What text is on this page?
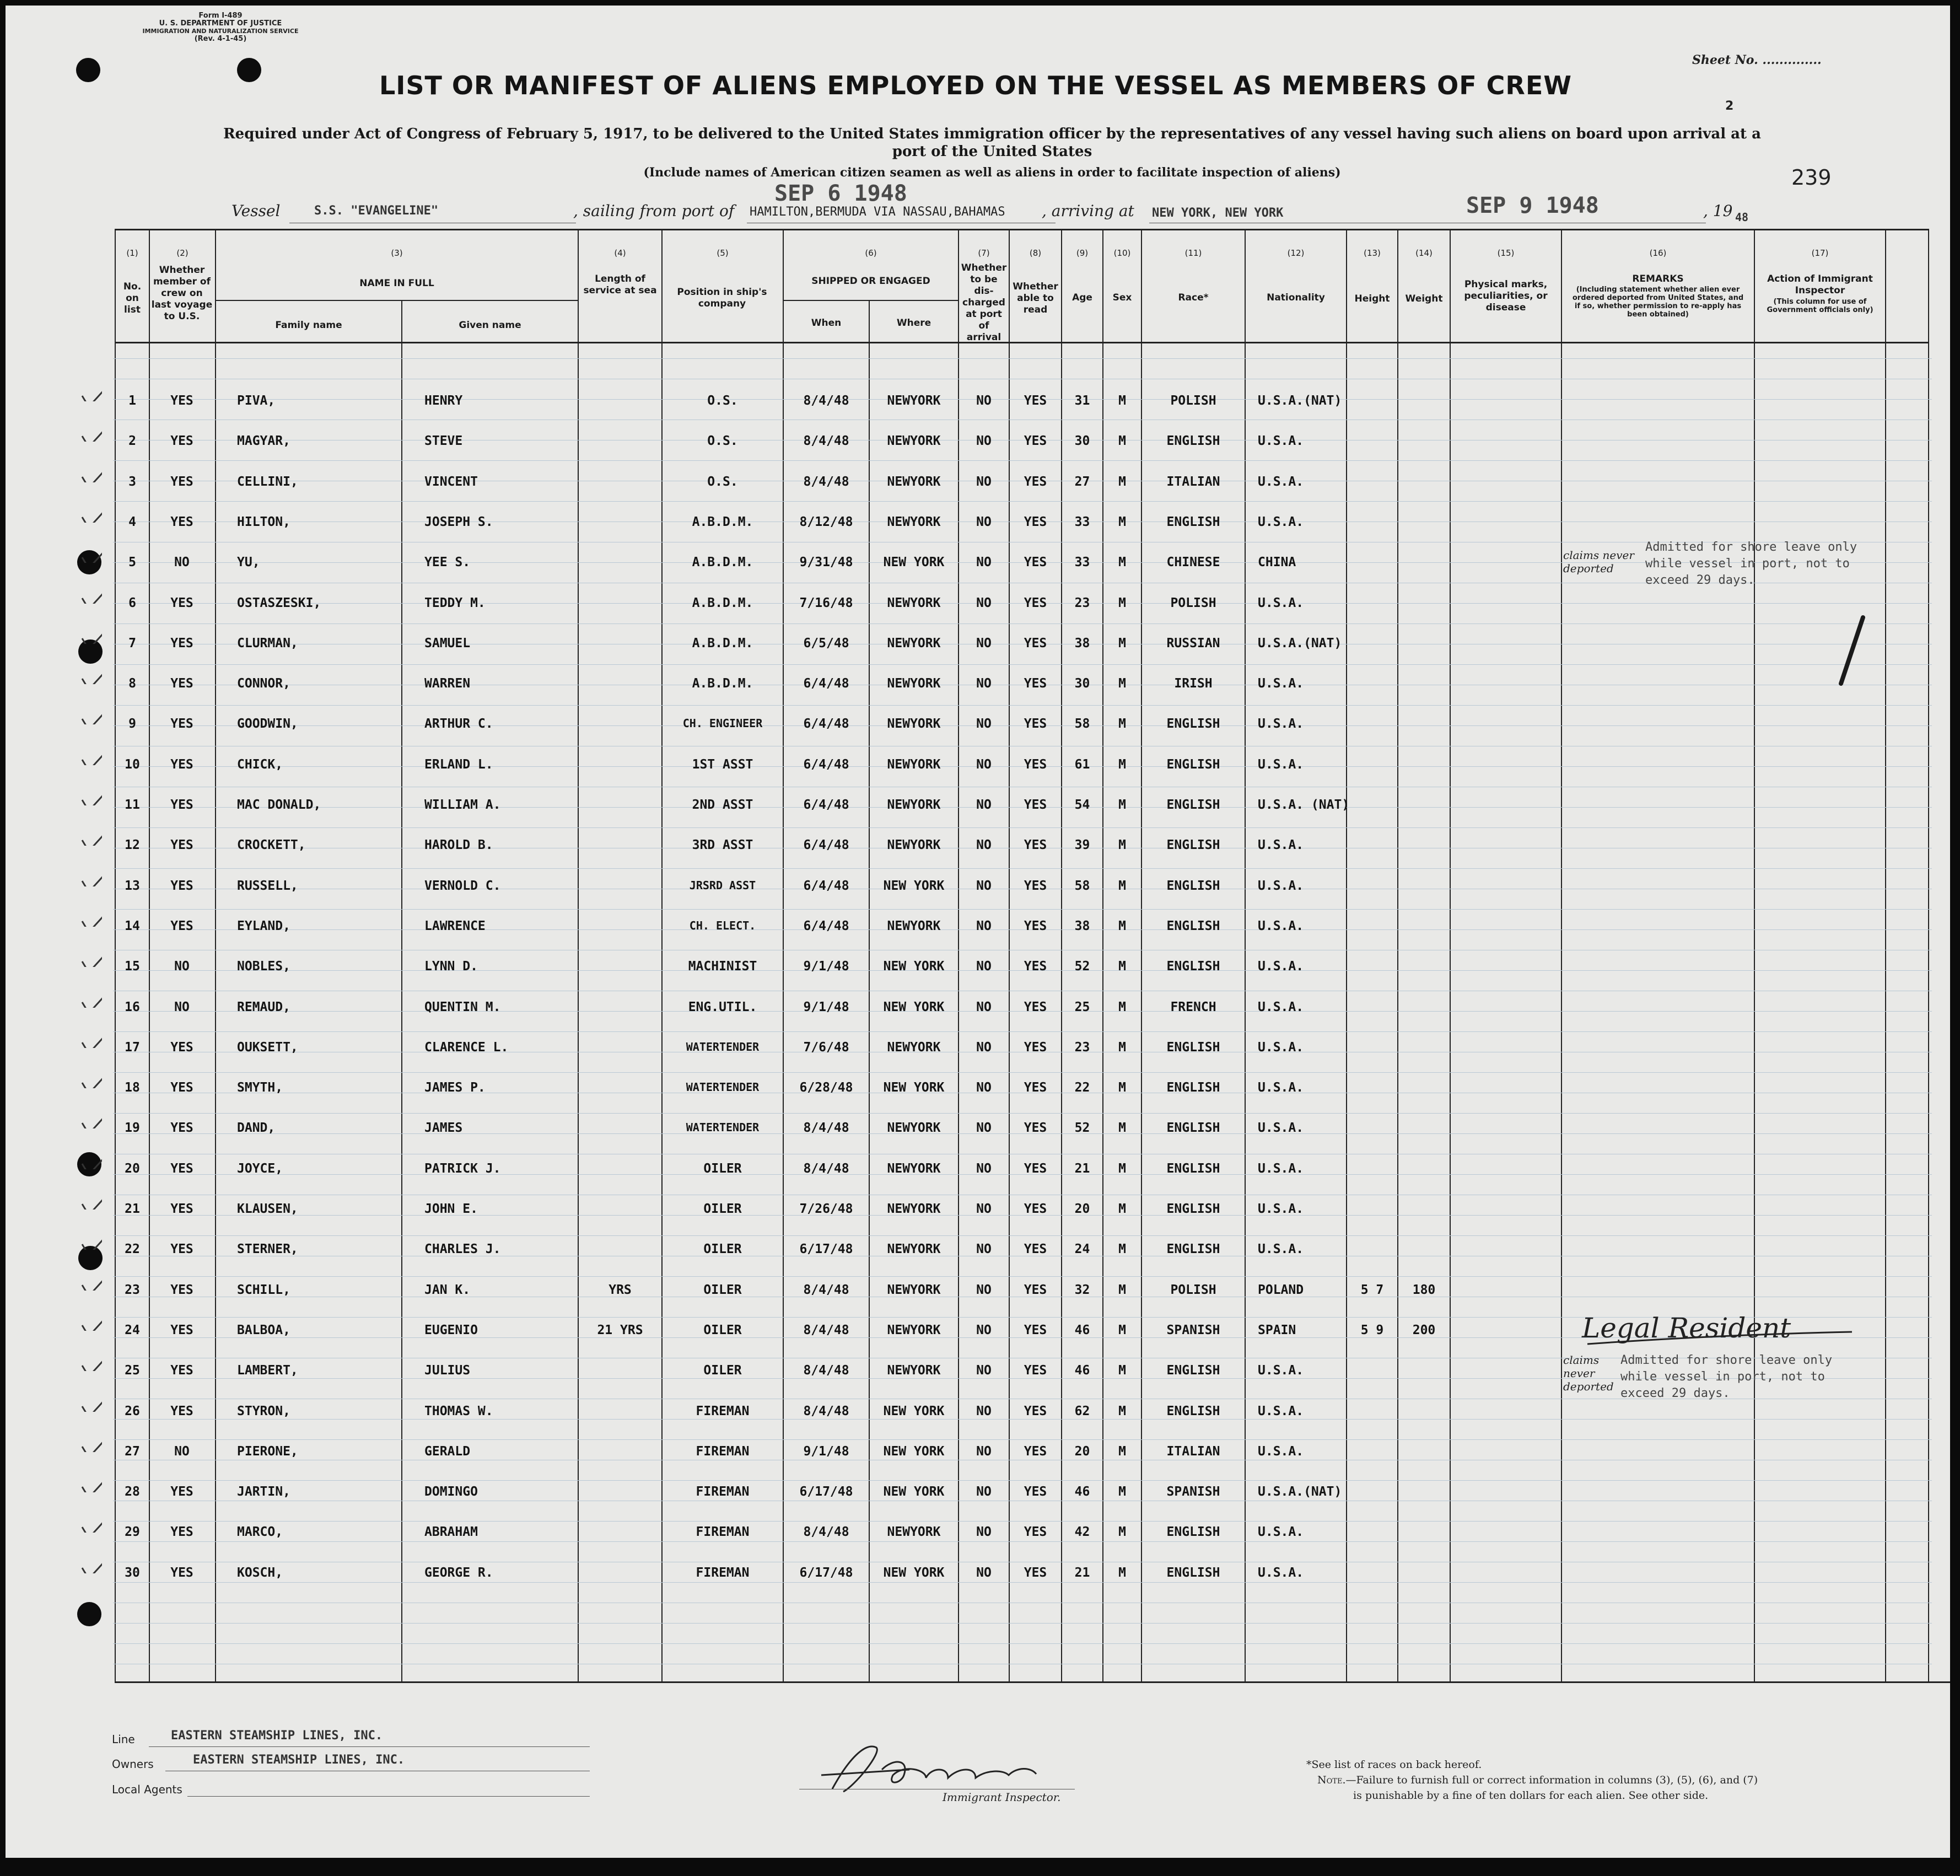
Form I-489
U. S. DEPARTMENT OF JUSTICE
IMMIGRATION AND NATURALIZATION SERVICE
(Rev. 4-1-45)
Sheet No. ..............
2
LIST OR MANIFEST OF ALIENS EMPLOYED ON THE VESSEL AS MEMBERS OF CREW
Required under Act of Congress of February 5, 1917, to be delivered to the United States immigration officer by the representatives of any vessel having such aliens on board upon arrival at a
port of the United States
(Include names of American citizen seamen as well as aliens in order to facilitate inspection of aliens)	239
Vessel	S.S. "EVANGELINE"	, sailing from port of HAMILTON,BERMUDA VIA NASSAU,BAHAMAS
SEP 6 1948
, arriving at NEW YORK, NEW YORK	SEP 9 1948	, 19 48
(1)	(2)	(3)	(4)	(5)	(6)	(7)	(8)	(9)	(10)	(11)	(12)	(13)	(14)	(15)	(16)	(17)
No. on list
Whether member of crew on last voyage to U.S.
NAME IN FULL
Family name	Given name
Length of service at sea	Position in ship's company
SHIPPED OR ENGAGED
When	Where
Whether to be dis-charged at port of arrival
Whether able to read
Age	Sex	Race*	Nationality	Height	Weight
Physical marks, peculiarities, or disease
REMARKS
(Including statement whether alien ever ordered deported from United States, and if so, whether permission to re-apply has been obtained)
Action of Immigrant Inspector
(This column for use of Government officials only)
1	YES	PIVA,	HENRY	O.S.	8/4/48	NEWYORK	NO	YES	31	M	POLISH	U.S.A.(NAT)
2	YES	MAGYAR,	STEVE	O.S.	8/4/48	NEWYORK	NO	YES	30	M	ENGLISH	U.S.A.
3	YES	CELLINI,	VINCENT	O.S.	8/4/48	NEWYORK	NO	YES	27	M	ITALIAN	U.S.A.
4	YES	HILTON,	JOSEPH S.	A.B.D.M.	8/12/48	NEWYORK	NO	YES	33	M	ENGLISH	U.S.A.
5	NO	YU,	YEE S.	A.B.D.M.	9/31/48	NEW YORK	NO	YES	33	M	CHINESE	CHINA
6	YES	OSTASZESKI,	TEDDY M.	A.B.D.M.	7/16/48	NEWYORK	NO	YES	23	M	POLISH	U.S.A.
7	YES	CLURMAN,	SAMUEL	A.B.D.M.	6/5/48	NEWYORK	NO	YES	38	M	RUSSIAN	U.S.A.(NAT)
8	YES	CONNOR,	WARREN	A.B.D.M.	6/4/48	NEWYORK	NO	YES	30	M	IRISH	U.S.A.
9	YES	GOODWIN,	ARTHUR C.	CH. ENGINEER	6/4/48	NEWYORK	NO	YES	58	M	ENGLISH	U.S.A.
10	YES	CHICK,	ERLAND L.	1ST ASST	6/4/48	NEWYORK	NO	YES	61	M	ENGLISH	U.S.A.
11	YES	MAC DONALD,	WILLIAM A.	2ND ASST	6/4/48	NEWYORK	NO	YES	54	M	ENGLISH	U.S.A. (NAT)
12	YES	CROCKETT,	HAROLD B.	3RD ASST	6/4/48	NEWYORK	NO	YES	39	M	ENGLISH	U.S.A.
13	YES	RUSSELL,	VERNOLD C.	JRSRD ASST	6/4/48	NEW YORK	NO	YES	58	M	ENGLISH	U.S.A.
14	YES	EYLAND,	LAWRENCE	CH. ELECT.	6/4/48	NEWYORK	NO	YES	38	M	ENGLISH	U.S.A.
15	NO	NOBLES,	LYNN D.	MACHINIST	9/1/48	NEW YORK	NO	YES	52	M	ENGLISH	U.S.A.
16	NO	REMAUD,	QUENTIN M.	ENG.UTIL.	9/1/48	NEW YORK	NO	YES	25	M	FRENCH	U.S.A.
17	YES	OUKSETT,	CLARENCE L.	WATERTENDER	7/6/48	NEWYORK	NO	YES	23	M	ENGLISH	U.S.A.
18	YES	SMYTH,	JAMES P.	WATERTENDER	6/28/48	NEW YORK	NO	YES	22	M	ENGLISH	U.S.A.
19	YES	DAND,	JAMES	WATERTENDER	8/4/48	NEWYORK	NO	YES	52	M	ENGLISH	U.S.A.
20	YES	JOYCE,	PATRICK J.	OILER	8/4/48	NEWYORK	NO	YES	21	M	ENGLISH	U.S.A.
21	YES	KLAUSEN,	JOHN E.	OILER	7/26/48	NEWYORK	NO	YES	20	M	ENGLISH	U.S.A.
22	YES	STERNER,	CHARLES J.	OILER	6/17/48	NEWYORK	NO	YES	24	M	ENGLISH	U.S.A.
23	YES	SCHILL,	JAN K.	YRS	OILER	8/4/48	NEWYORK	NO	YES	32	M	POLISH	POLAND	5 7	180
24	YES	BALBOA,	EUGENIO	21 YRS	OILER	8/4/48	NEWYORK	NO	YES	46	M	SPANISH	SPAIN	5 9	200
25	YES	LAMBERT,	JULIUS	OILER	8/4/48	NEWYORK	NO	YES	46	M	ENGLISH	U.S.A.
26	YES	STYRON,	THOMAS W.	FIREMAN	8/4/48	NEW YORK	NO	YES	62	M	ENGLISH	U.S.A.
27	NO	PIERONE,	GERALD	FIREMAN	9/1/48	NEW YORK	NO	YES	20	M	ITALIAN	U.S.A.
28	YES	JARTIN,	DOMINGO	FIREMAN	6/17/48	NEW YORK	NO	YES	46	M	SPANISH	U.S.A.(NAT)
29	YES	MARCO,	ABRAHAM	FIREMAN	8/4/48	NEWYORK	NO	YES	42	M	ENGLISH	U.S.A.
30	YES	KOSCH,	GEORGE R.	FIREMAN	6/17/48	NEW YORK	NO	YES	21	M	ENGLISH	U.S.A.
claims never deported
Admitted for shore leave only
while vessel in port, not to
exceed 29 days.
Legal Resident
claims never deported
Admitted for shore leave only
while vessel in port, not to
exceed 29 days.
Line	EASTERN STEAMSHIP LINES, INC.
Owners	EASTERN STEAMSHIP LINES, INC.
Local Agents
Immigrant Inspector.
*See list of races on back hereof.
Note.—Failure to furnish full or correct information in columns (3), (5), (6), and (7)
is punishable by a fine of ten dollars for each alien. See other side.
